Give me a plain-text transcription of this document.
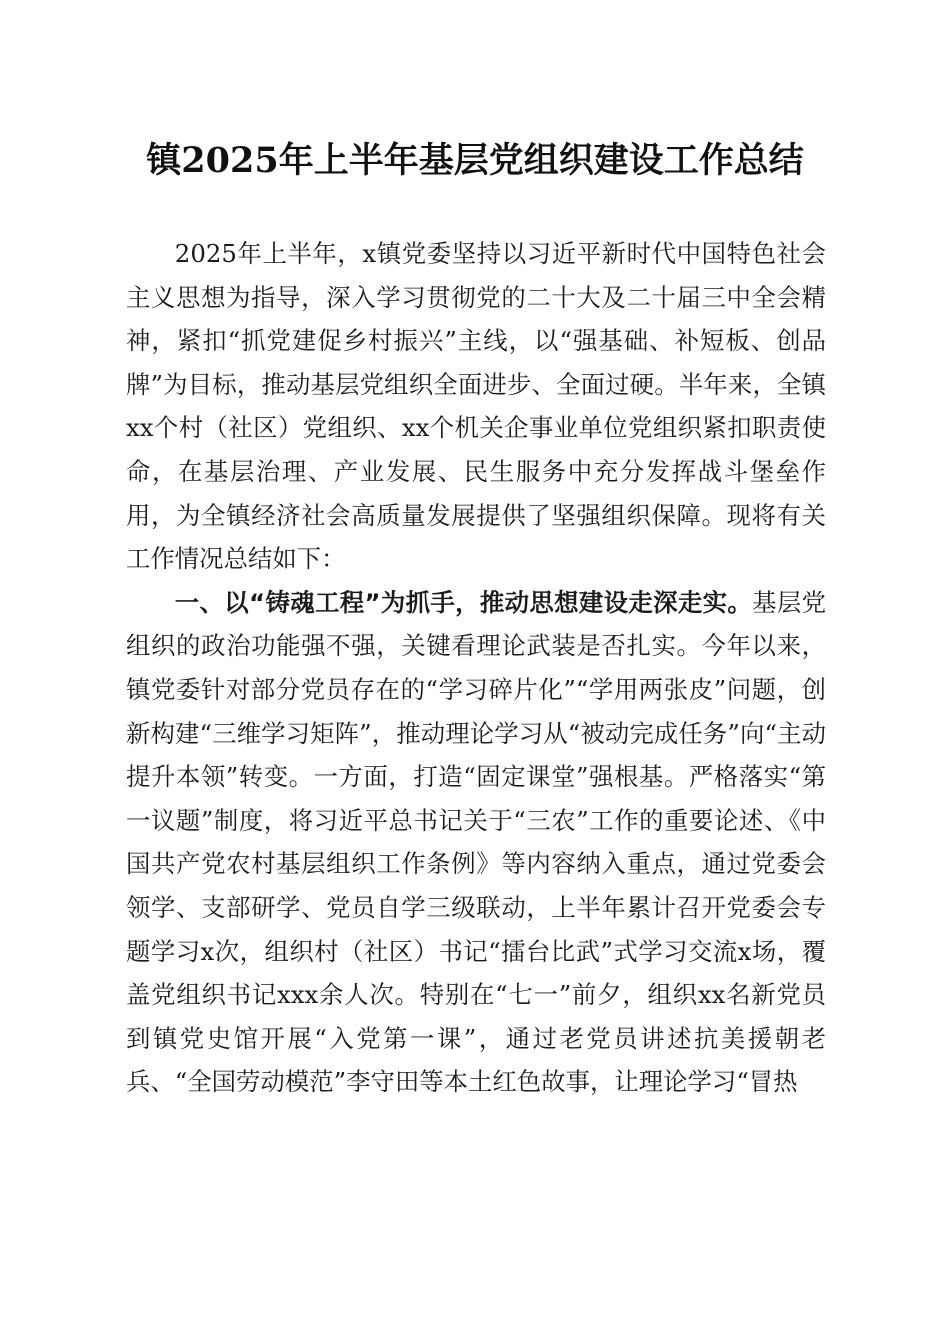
镇2025年上半年基层党组织建设工作总结

2025年上半年，x镇党委坚持以习近平新时代中国特色社会主义思想为指导，深入学习贯彻党的二十大及二十届三中全会精神，紧扣“抓党建促乡村振兴”主线，以“强基础、补短板、创品牌”为目标，推动基层党组织全面进步、全面过硬。半年来，全镇xx个村（社区）党组织、xx个机关企事业单位党组织紧扣职责使命，在基层治理、产业发展、民生服务中充分发挥战斗堡垒作用，为全镇经济社会高质量发展提供了坚强组织保障。现将有关工作情况总结如下：

一、以“铸魂工程”为抓手，推动思想建设走深走实。基层党组织的政治功能强不强，关键看理论武装是否扎实。今年以来，镇党委针对部分党员存在的“学习碎片化”“学用两张皮”问题，创新构建“三维学习矩阵”，推动理论学习从“被动完成任务”向“主动提升本领”转变。一方面，打造“固定课堂”强根基。严格落实“第一议题”制度，将习近平总书记关于“三农”工作的重要论述、《中国共产党农村基层组织工作条例》等内容纳入重点，通过党委会领学、支部研学、党员自学三级联动，上半年累计召开党委会专题学习x次，组织村（社区）书记“擂台比武”式学习交流x场，覆盖党组织书记xxx余人次。特别在“七一”前夕，组织xx名新党员到镇党史馆开展“入党第一课”，通过老党员讲述抗美援朝老兵、“全国劳动模范”李守田等本土红色故事，让理论学习“冒热
